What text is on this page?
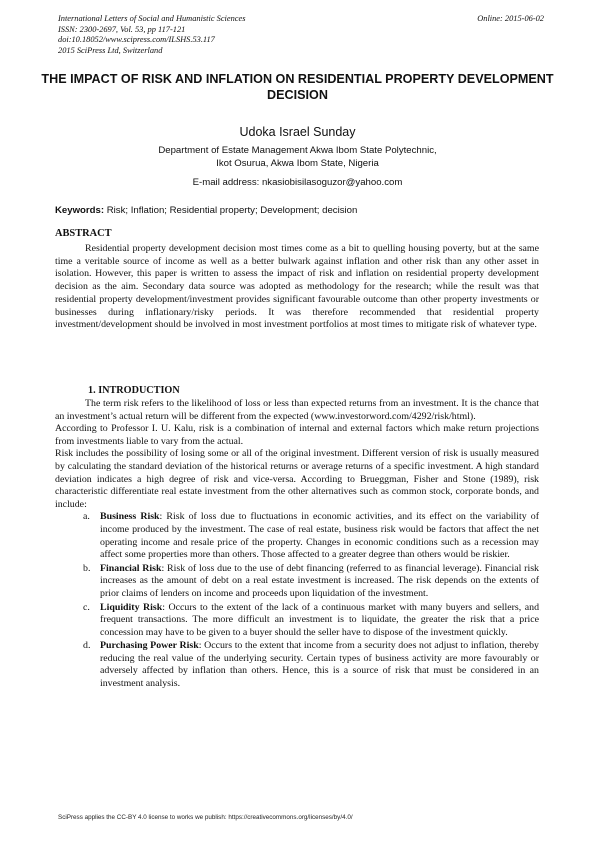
International Letters of Social and Humanistic Sciences	Online: 2015-06-02
ISSN: 2300-2697, Vol. 53, pp 117-121
doi:10.18052/www.scipress.com/ILSHS.53.117
2015 SciPress Ltd, Switzerland
THE IMPACT OF RISK AND INFLATION ON RESIDENTIAL PROPERTY DEVELOPMENT DECISION
Udoka Israel Sunday
Department of Estate Management Akwa Ibom State Polytechnic,
Ikot Osurua, Akwa Ibom State, Nigeria
E-mail address: nkasiobisilasoguzor@yahoo.com
Keywords: Risk; Inflation; Residential property; Development; decision
ABSTRACT

Residential property development decision most times come as a bit to quelling housing poverty, but at the same time a veritable source of income as well as a better bulwark against inflation and other risk than any other asset in isolation. However, this paper is written to assess the impact of risk and inflation on residential property development decision as the aim. Secondary data source was adopted as methodology for the research; while the result was that residential property development/investment provides significant favourable outcome than other property investments or businesses during inflationary/risky periods. It was therefore recommended that residential property investment/development should be involved in most investment portfolios at most times to mitigate risk of whatever type.

1. INTRODUCTION

The term risk refers to the likelihood of loss or less than expected returns from an investment. It is the chance that an investment’s actual return will be different from the expected (www.investorword.com/4292/risk/html).

According to Professor I. U. Kalu, risk is a combination of internal and external factors which make return projections from investments liable to vary from the actual.

Risk includes the possibility of losing some or all of the original investment. Different version of risk is usually measured by calculating the standard deviation of the historical returns or average returns of a specific investment. A high standard deviation indicates a high degree of risk and vice-versa. According to Brueggman, Fisher and Stone (1989), risk characteristic differentiate real estate investment from the other alternatives such as common stock, corporate bonds, and include:

a. Business Risk: Risk of loss due to fluctuations in economic activities, and its effect on the variability of income produced by the investment. The case of real estate, business risk would be factors that affect the net operating income and resale price of the property. Changes in economic conditions such as a recession may affect some properties more than others. Those affected to a greater degree than others would be riskier.
b. Financial Risk: Risk of loss due to the use of debt financing (referred to as financial leverage). Financial risk increases as the amount of debt on a real estate investment is increased. The risk depends on the extents of prior claims of lenders on income and proceeds upon liquidation of the investment.
c. Liquidity Risk: Occurs to the extent of the lack of a continuous market with many buyers and sellers, and frequent transactions. The more difficult an investment is to liquidate, the greater the risk that a price concession may have to be given to a buyer should the seller have to dispose of the investment quickly.
d. Purchasing Power Risk: Occurs to the extent that income from a security does not adjust to inflation, thereby reducing the real value of the underlying security. Certain types of business activity are more favourably or adversely affected by inflation than others. Hence, this is a source of risk that must be considered in an investment analysis.
SciPress applies the CC-BY 4.0 license to works we publish: https://creativecommons.org/licenses/by/4.0/
